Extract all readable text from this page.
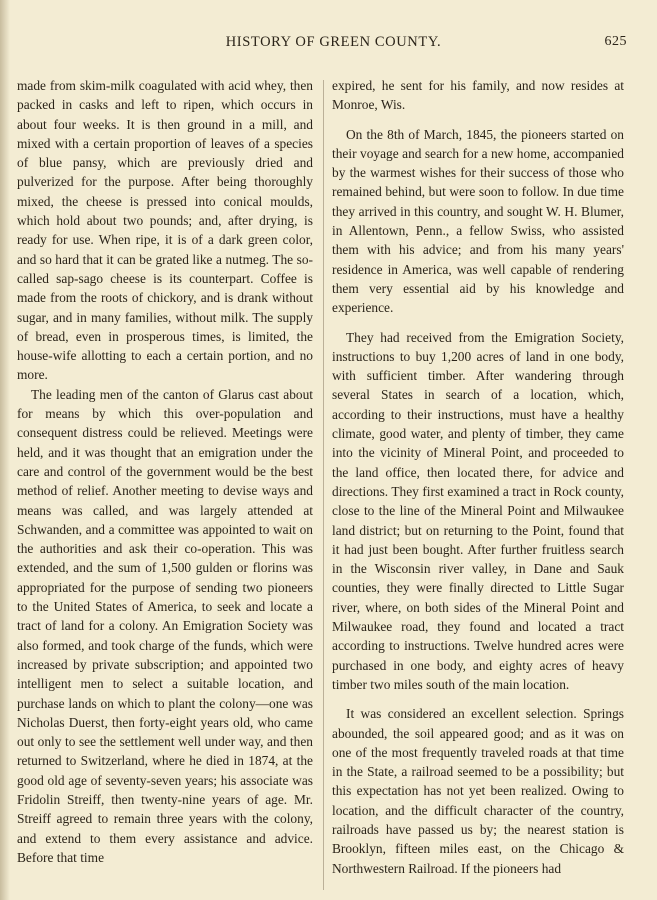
HISTORY OF GREEN COUNTY.	625

made from skim-milk coagulated with acid whey, then packed in casks and left to ripen, which occurs in about four weeks. It is then ground in a mill, and mixed with a certain proportion of leaves of a species of blue pansy, which are previously dried and pulverized for the purpose. After being thoroughly mixed, the cheese is pressed into conical moulds, which hold about two pounds; and, after drying, is ready for use. When ripe, it is of a dark green color, and so hard that it can be grated like a nutmeg. The so-called sap-sago cheese is its counterpart. Coffee is made from the roots of chickory, and is drank without sugar, and in many families, without milk. The supply of bread, even in prosperous times, is limited, the house-wife allotting to each a certain portion, and no more.

The leading men of the canton of Glarus cast about for means by which this over-population and consequent distress could be relieved. Meetings were held, and it was thought that an emigration under the care and control of the government would be the best method of relief. Another meeting to devise ways and means was called, and was largely attended at Schwanden, and a committee was appointed to wait on the authorities and ask their co-operation. This was extended, and the sum of 1,500 gulden or florins was appropriated for the purpose of sending two pioneers to the United States of America, to seek and locate a tract of land for a colony. An Emigration Society was also formed, and took charge of the funds, which were increased by private subscription; and appointed two intelligent men to select a suitable location, and purchase lands on which to plant the colony—one was Nicholas Duerst, then forty-eight years old, who came out only to see the settlement well under way, and then returned to Switzerland, where he died in 1874, at the good old age of seventy-seven years; his associate was Fridolin Streiff, then twenty-nine years of age. Mr. Streiff agreed to remain three years with the colony, and extend to them every assistance and advice. Before that time

expired, he sent for his family, and now resides at Monroe, Wis.

On the 8th of March, 1845, the pioneers started on their voyage and search for a new home, accompanied by the warmest wishes for their success of those who remained behind, but were soon to follow. In due time they arrived in this country, and sought W. H. Blumer, in Allentown, Penn., a fellow Swiss, who assisted them with his advice; and from his many years' residence in America, was well capable of rendering them very essential aid by his knowledge and experience.

They had received from the Emigration Society, instructions to buy 1,200 acres of land in one body, with sufficient timber. After wandering through several States in search of a location, which, according to their instructions, must have a healthy climate, good water, and plenty of timber, they came into the vicinity of Mineral Point, and proceeded to the land office, then located there, for advice and directions. They first examined a tract in Rock county, close to the line of the Mineral Point and Milwaukee land district; but on returning to the Point, found that it had just been bought. After further fruitless search in the Wisconsin river valley, in Dane and Sauk counties, they were finally directed to Little Sugar river, where, on both sides of the Mineral Point and Milwaukee road, they found and located a tract according to instructions. Twelve hundred acres were purchased in one body, and eighty acres of heavy timber two miles south of the main location.

It was considered an excellent selection. Springs abounded, the soil appeared good; and as it was on one of the most frequently traveled roads at that time in the State, a railroad seemed to be a possibility; but this expectation has not yet been realized. Owing to location, and the difficult character of the country, railroads have passed us by; the nearest station is Brooklyn, fifteen miles east, on the Chicago & Northwestern Railroad. If the pioneers had
